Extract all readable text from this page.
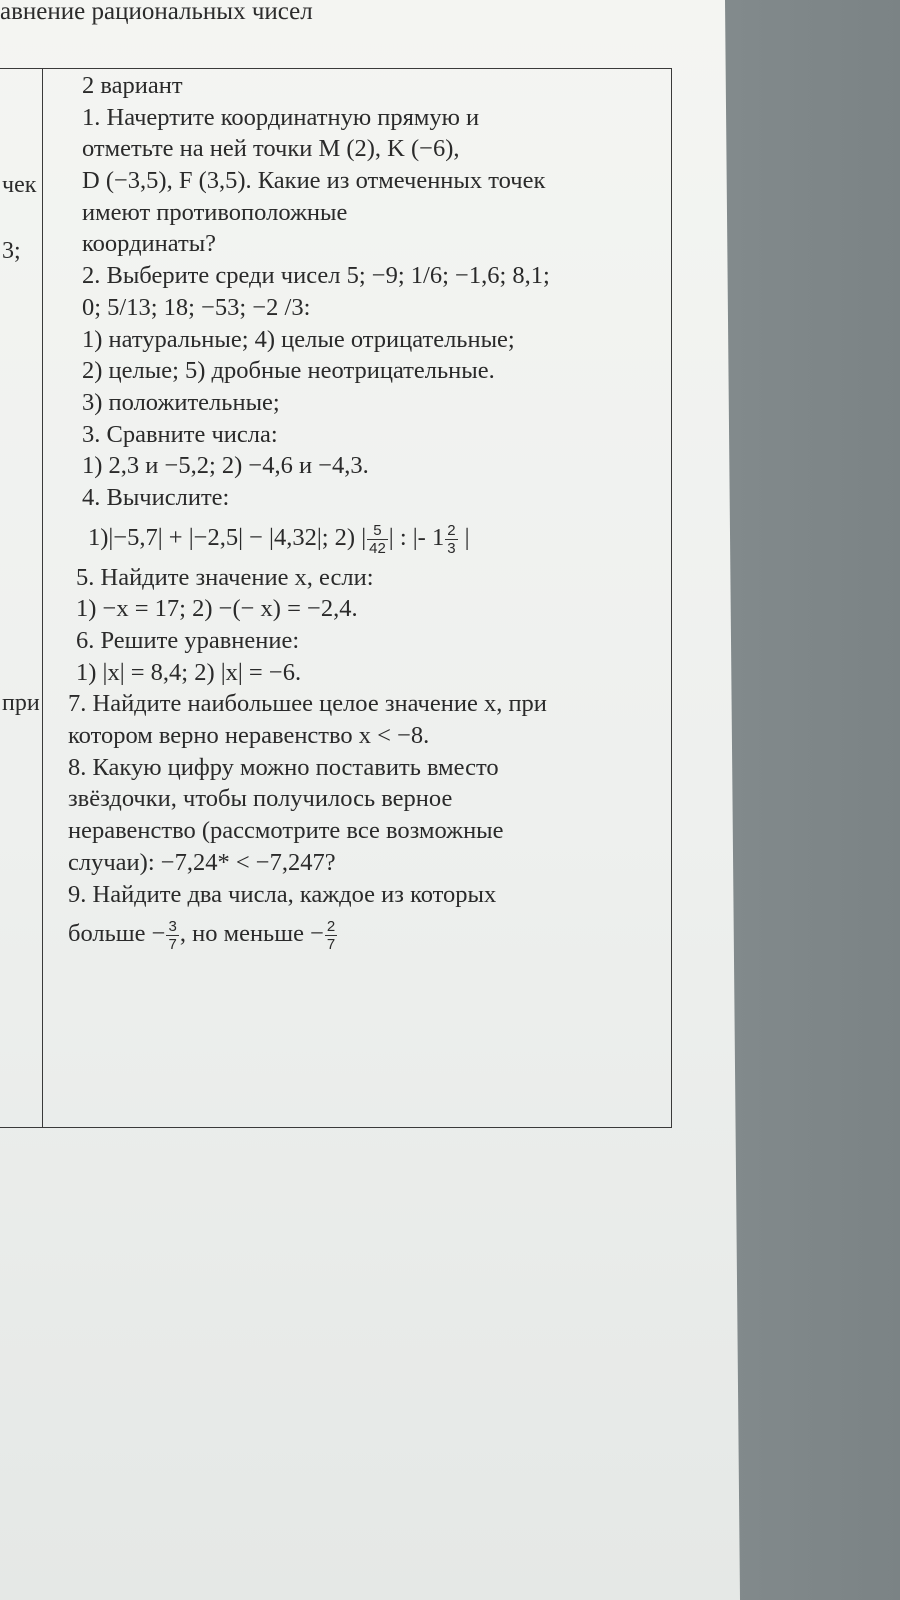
авнение рациональных чисел
чек
3;
при
2 вариант
1. Начертите координатную прямую и
отметьте на ней точки M (2), K (−6),
D (−3,5), F (3,5). Какие из отмеченных точек
имеют противоположные
координаты?
2. Выберите среди чисел 5; −9; 1/6; −1,6; 8,1;
0; 5/13; 18; −53; −2 /3:
1) натуральные; 4) целые отрицательные;
2) целые; 5) дробные неотрицательные.
3) положительные;
3. Сравните числа:
1) 2,3 и −5,2; 2) −4,6 и −4,3.
4. Вычислите:
1)|−5,7| + |−2,5| − |4,32|; 2) | $\frac{5}{42}$ | : |- $1 \frac{2}{3}$ |
5. Найдите значение x, если:
1) −x = 17; 2) −(− x) = −2,4.
6. Решите уравнение:
1) |x| = 8,4; 2) |x| = −6.
7. Найдите наибольшее целое значение x, при
котором верно неравенство x < −8.
8. Какую цифру можно поставить вместо
звёздочки, чтобы получилось верное
неравенство (рассмотрите все возможные
случаи): −7,24* < −7,247?
9. Найдите два числа, каждое из которых
больше − $\frac{3}{7}$ , но меньше − $\frac{2}{7}$
